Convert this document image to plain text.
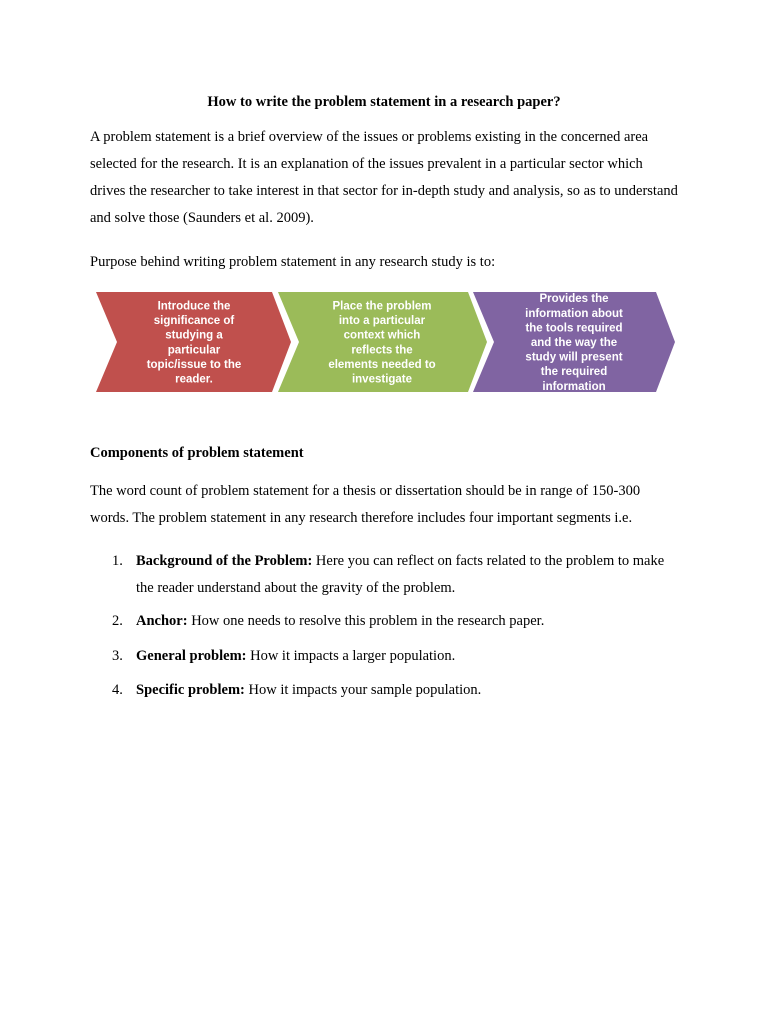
How to write the problem statement in a research paper?

A problem statement is a brief overview of the issues or problems existing in the concerned area selected for the research. It is an explanation of the issues prevalent in a particular sector which drives the researcher to take interest in that sector for in-depth study and analysis, so as to understand and solve those (Saunders et al. 2009).

Purpose behind writing problem statement in any research study is to:

Introduce the significance of studying a particular topic/issue to the reader.
Place the problem into a particular context which reflects the elements needed to investigate
Provides the information about the tools required and the way the study will present the required information

Components of problem statement

The word count of problem statement for a thesis or dissertation should be in range of 150-300 words. The problem statement in any research therefore includes four important segments i.e.

1. Background of the Problem: Here you can reflect on facts related to the problem to make the reader understand about the gravity of the problem.
2. Anchor: How one needs to resolve this problem in the research paper.
3. General problem: How it impacts a larger population.
4. Specific problem: How it impacts your sample population.
